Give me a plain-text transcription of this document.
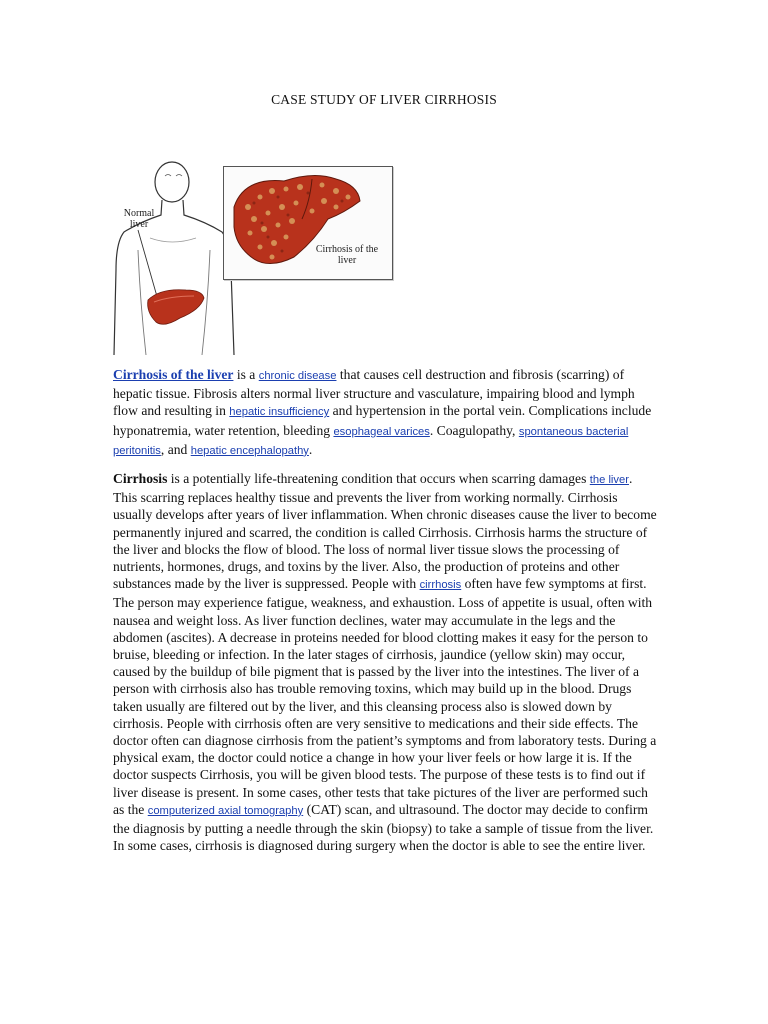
CASE STUDY OF LIVER CIRRHOSIS
Normal liver
Cirrhosis of the liver

Cirrhosis of the liver is a chronic disease that causes cell destruction and fibrosis (scarring) of hepatic tissue. Fibrosis alters normal liver structure and vasculature, impairing blood and lymph flow and resulting in hepatic insufficiency and hypertension in the portal vein. Complications include hyponatremia, water retention, bleeding esophageal varices. Coagulopathy, spontaneous bacterial peritonitis, and hepatic encephalopathy.

Cirrhosis is a potentially life-threatening condition that occurs when scarring damages the liver. This scarring replaces healthy tissue and prevents the liver from working normally. Cirrhosis usually develops after years of liver inflammation. When chronic diseases cause the liver to become permanently injured and scarred, the condition is called Cirrhosis. Cirrhosis harms the structure of the liver and blocks the flow of blood. The loss of normal liver tissue slows the processing of nutrients, hormones, drugs, and toxins by the liver. Also, the production of proteins and other substances made by the liver is suppressed. People with cirrhosis often have few symptoms at first. The person may experience fatigue, weakness, and exhaustion. Loss of appetite is usual, often with nausea and weight loss. As liver function declines, water may accumulate in the legs and the abdomen (ascites). A decrease in proteins needed for blood clotting makes it easy for the person to bruise, bleeding or infection. In the later stages of cirrhosis, jaundice (yellow skin) may occur, caused by the buildup of bile pigment that is passed by the liver into the intestines. The liver of a person with cirrhosis also has trouble removing toxins, which may build up in the blood. Drugs taken usually are filtered out by the liver, and this cleansing process also is slowed down by cirrhosis. People with cirrhosis often are very sensitive to medications and their side effects. The doctor often can diagnose cirrhosis from the patient’s symptoms and from laboratory tests. During a physical exam, the doctor could notice a change in how your liver feels or how large it is. If the doctor suspects Cirrhosis, you will be given blood tests. The purpose of these tests is to find out if liver disease is present. In some cases, other tests that take pictures of the liver are performed such as the computerized axial tomography (CAT) scan, and ultrasound. The doctor may decide to confirm the diagnosis by putting a needle through the skin (biopsy) to take a sample of tissue from the liver. In some cases, cirrhosis is diagnosed during surgery when the doctor is able to see the entire liver.
